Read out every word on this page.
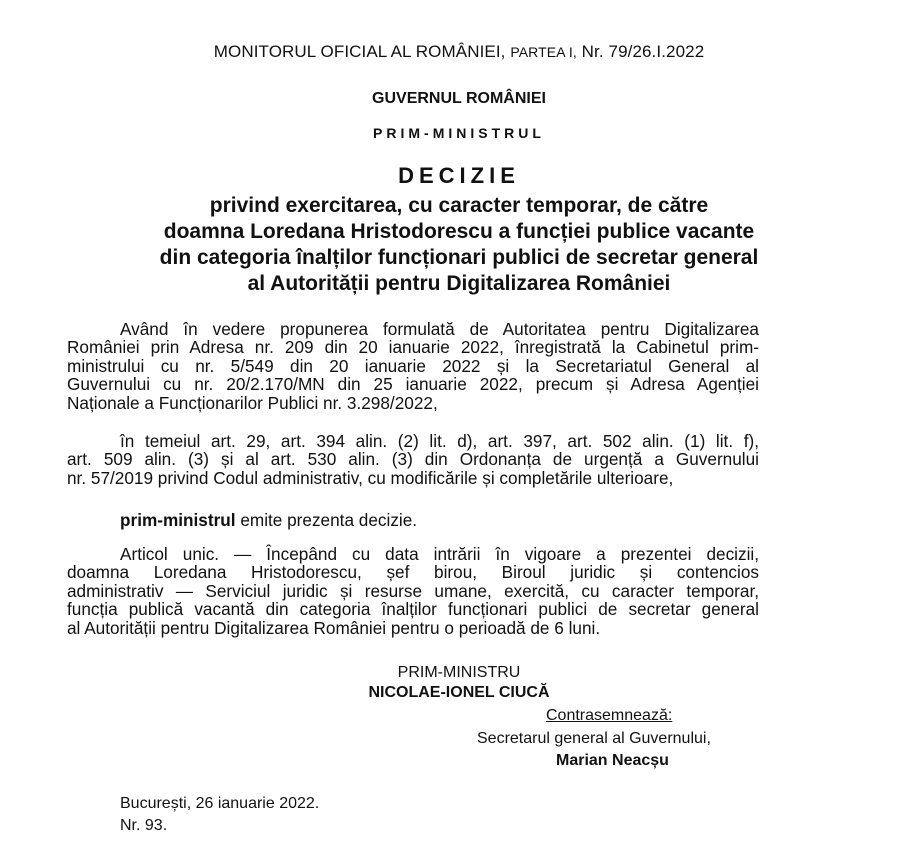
MONITORUL OFICIAL AL ROMÂNIEI, PARTEA I, Nr. 79/26.I.2022
GUVERNUL ROMÂNIEI
PRIM-MINISTRUL
DECIZIE
privind exercitarea, cu caracter temporar, de către
doamna Loredana Hristodorescu a funcției publice vacante
din categoria înalților funcționari publici de secretar general
al Autorității pentru Digitalizarea României
Având în vedere propunerea formulată de Autoritatea pentru Digitalizarea
României prin Adresa nr. 209 din 20 ianuarie 2022, înregistrată la Cabinetul prim-
ministrului cu nr. 5/549 din 20 ianuarie 2022 și la Secretariatul General al
Guvernului cu nr. 20/2.170/MN din 25 ianuarie 2022, precum și Adresa Agenției
Naționale a Funcționarilor Publici nr. 3.298/2022,
în temeiul art. 29, art. 394 alin. (2) lit. d), art. 397, art. 502 alin. (1) lit. f),
art. 509 alin. (3) și al art. 530 alin. (3) din Ordonanța de urgență a Guvernului
nr. 57/2019 privind Codul administrativ, cu modificările și completările ulterioare,
prim-ministrul emite prezenta decizie.
Articol unic. — Începând cu data intrării în vigoare a prezentei decizii,
doamna Loredana Hristodorescu, șef birou, Biroul juridic și contencios
administrativ — Serviciul juridic și resurse umane, exercită, cu caracter temporar,
funcția publică vacantă din categoria înalților funcționari publici de secretar general
al Autorității pentru Digitalizarea României pentru o perioadă de 6 luni.
PRIM-MINISTRU
NICOLAE-IONEL CIUCĂ
Contrasemnează:
Secretarul general al Guvernului,
Marian Neacșu
București, 26 ianuarie 2022.
Nr. 93.
